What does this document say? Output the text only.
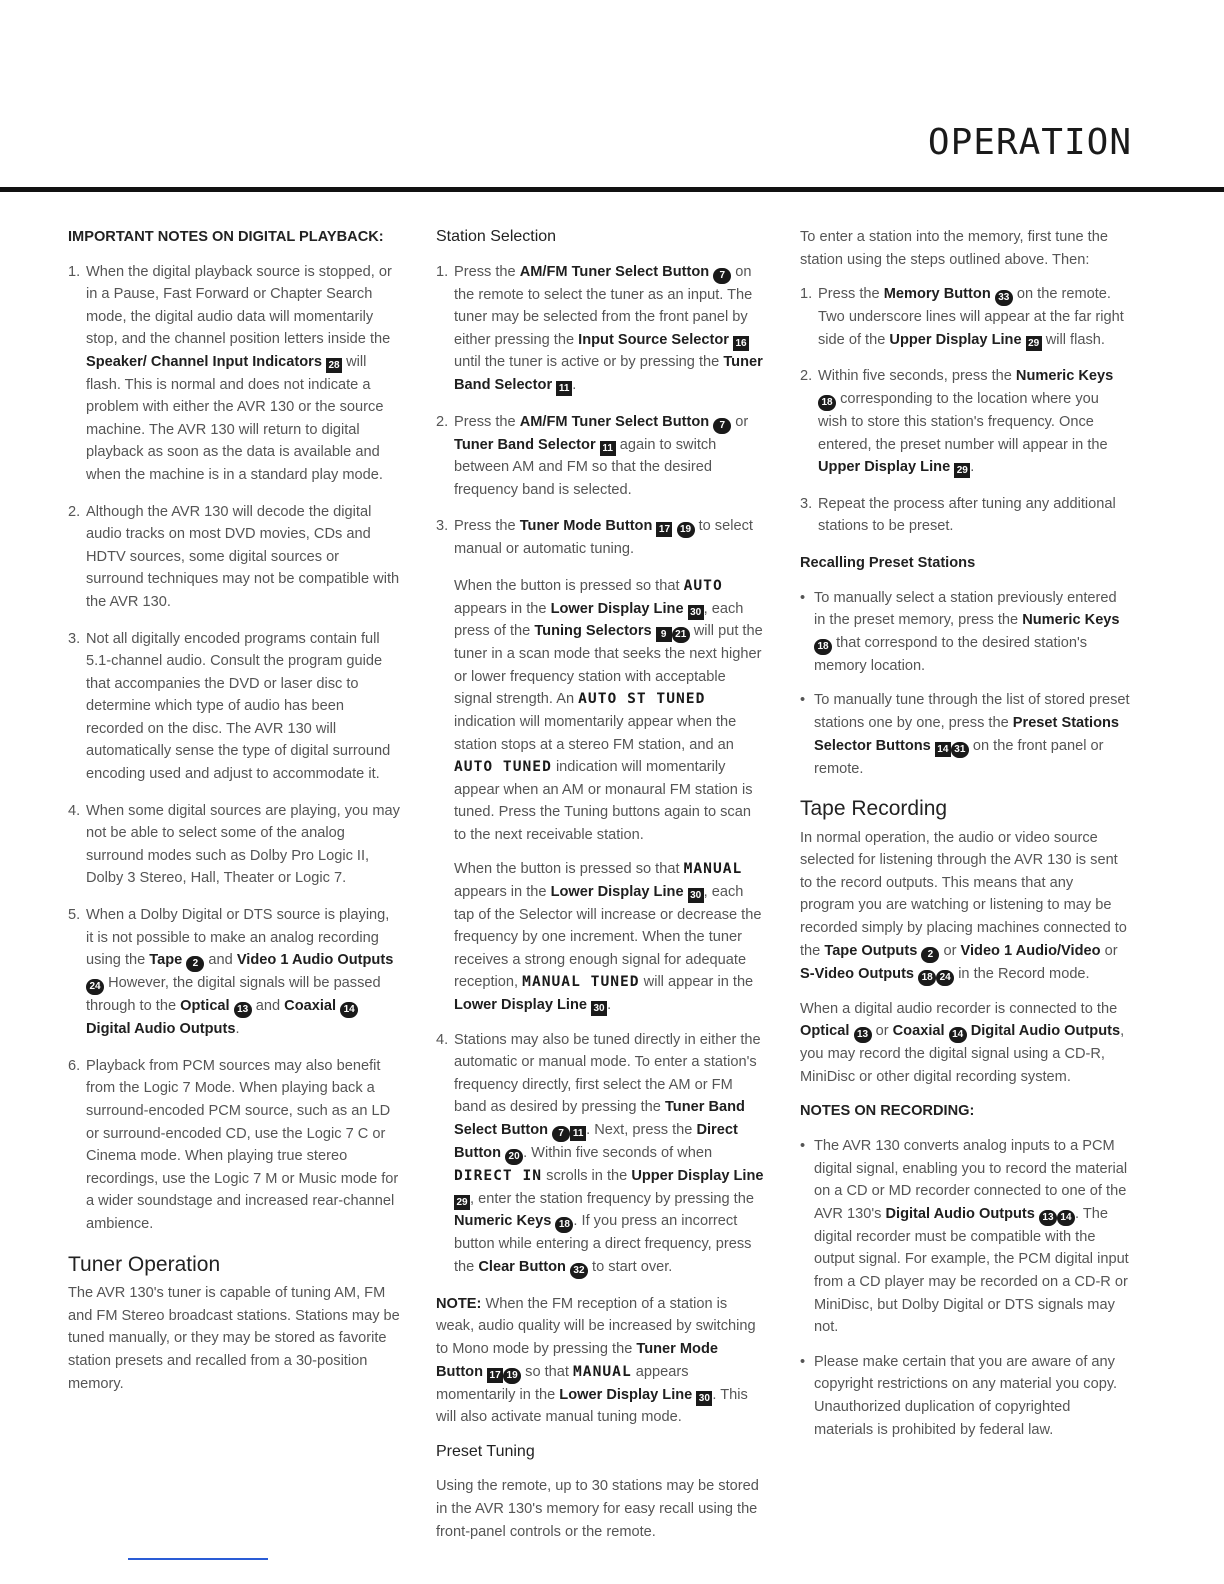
OPERATION

IMPORTANT NOTES ON DIGITAL PLAYBACK:

1. When the digital playback source is stopped, or in a Pause, Fast Forward or Chapter Search mode, the digital audio data will momentarily stop, and the channel position letters inside the Speaker/ Channel Input Indicators 28 will flash. This is normal and does not indicate a problem with either the AVR 130 or the source machine. The AVR 130 will return to digital playback as soon as the data is available and when the machine is in a standard play mode.
2. Although the AVR 130 will decode the digital audio tracks on most DVD movies, CDs and HDTV sources, some digital sources or surround techniques may not be compatible with the AVR 130.
3. Not all digitally encoded programs contain full 5.1-channel audio. Consult the program guide that accompanies the DVD or laser disc to determine which type of audio has been recorded on the disc. The AVR 130 will automatically sense the type of digital surround encoding used and adjust to accommodate it.
4. When some digital sources are playing, you may not be able to select some of the analog surround modes such as Dolby Pro Logic II, Dolby 3 Stereo, Hall, Theater or Logic 7.
5. When a Dolby Digital or DTS source is playing, it is not possible to make an analog recording using the Tape 2 and Video 1 Audio Outputs 24 However, the digital signals will be passed through to the Optical 13 and Coaxial 14 Digital Audio Outputs.
6. Playback from PCM sources may also benefit from the Logic 7 Mode. When playing back a surround-encoded PCM source, such as an LD or surround-encoded CD, use the Logic 7 C or Cinema mode. When playing true stereo recordings, use the Logic 7 M or Music mode for a wider soundstage and increased rear-channel ambience.
Tuner Operation

The AVR 130's tuner is capable of tuning AM, FM and FM Stereo broadcast stations. Stations may be tuned manually, or they may be stored as favorite station presets and recalled from a 30-position memory.

Station Selection

1. Press the AM/FM Tuner Select Button 7 on the remote to select the tuner as an input. The tuner may be selected from the front panel by either pressing the Input Source Selector 16 until the tuner is active or by pressing the Tuner Band Selector 11 .
2. Press the AM/FM Tuner Select Button 7 or Tuner Band Selector 11 again to switch between AM and FM so that the desired frequency band is selected.
3. Press the Tuner Mode Button 17 19 to select manual or automatic tuning.

When the button is pressed so that AUTO appears in the Lower Display Line 30 , each press of the Tuning Selectors 9 21 will put the tuner in a scan mode that seeks the next higher or lower frequency station with acceptable signal strength. An AUTO ST TUNED indication will momentarily appear when the station stops at a stereo FM station, and an AUTO TUNED indication will momentarily appear when an AM or monaural FM station is tuned. Press the Tuning buttons again to scan to the next receivable station.

When the button is pressed so that MANUAL appears in the Lower Display Line 30 , each tap of the Selector will increase or decrease the frequency by one increment. When the tuner receives a strong enough signal for adequate reception, MANUAL TUNED will appear in the Lower Display Line 30 .

4. Stations may also be tuned directly in either the automatic or manual mode. To enter a station's frequency directly, first select the AM or FM band as desired by pressing the Tuner Band Select Button 7 11 . Next, press the Direct Button 20 . Within five seconds of when DIRECT IN scrolls in the Upper Display Line 29 , enter the station frequency by pressing the Numeric Keys 18 . If you press an incorrect button while entering a direct frequency, press the Clear Button 32 to start over.

NOTE: When the FM reception of a station is weak, audio quality will be increased by switching to Mono mode by pressing the Tuner Mode Button 17 19 so that MANUAL appears momentarily in the Lower Display Line 30 . This will also activate manual tuning mode.

Preset Tuning

Using the remote, up to 30 stations may be stored in the AVR 130's memory for easy recall using the front-panel controls or the remote.

To enter a station into the memory, first tune the station using the steps outlined above. Then:

1. Press the Memory Button 33 on the remote. Two underscore lines will appear at the far right side of the Upper Display Line 29 will flash.
2. Within five seconds, press the Numeric Keys 18 corresponding to the location where you wish to store this station's frequency. Once entered, the preset number will appear in the Upper Display Line 29 .
3. Repeat the process after tuning any additional stations to be preset.

Recalling Preset Stations

• To manually select a station previously entered in the preset memory, press the Numeric Keys 18 that correspond to the desired station's memory location.
• To manually tune through the list of stored preset stations one by one, press the Preset Stations Selector Buttons 14 31 on the front panel or remote.
Tape Recording

In normal operation, the audio or video source selected for listening through the AVR 130 is sent to the record outputs. This means that any program you are watching or listening to may be recorded simply by placing machines connected to the Tape Outputs 2 or Video 1 Audio/Video or S-Video Outputs 18 24 in the Record mode.

When a digital audio recorder is connected to the Optical 13 or Coaxial 14 Digital Audio Outputs, you may record the digital signal using a CD-R, MiniDisc or other digital recording system.

NOTES ON RECORDING:

• The AVR 130 converts analog inputs to a PCM digital signal, enabling you to record the material on a CD or MD recorder connected to one of the AVR 130's Digital Audio Outputs 13 14 . The digital recorder must be compatible with the output signal. For example, the PCM digital input from a CD player may be recorded on a CD-R or MiniDisc, but Dolby Digital or DTS signals may not.
• Please make certain that you are aware of any copyright restrictions on any material you copy. Unauthorized duplication of copyrighted materials is prohibited by federal law.
